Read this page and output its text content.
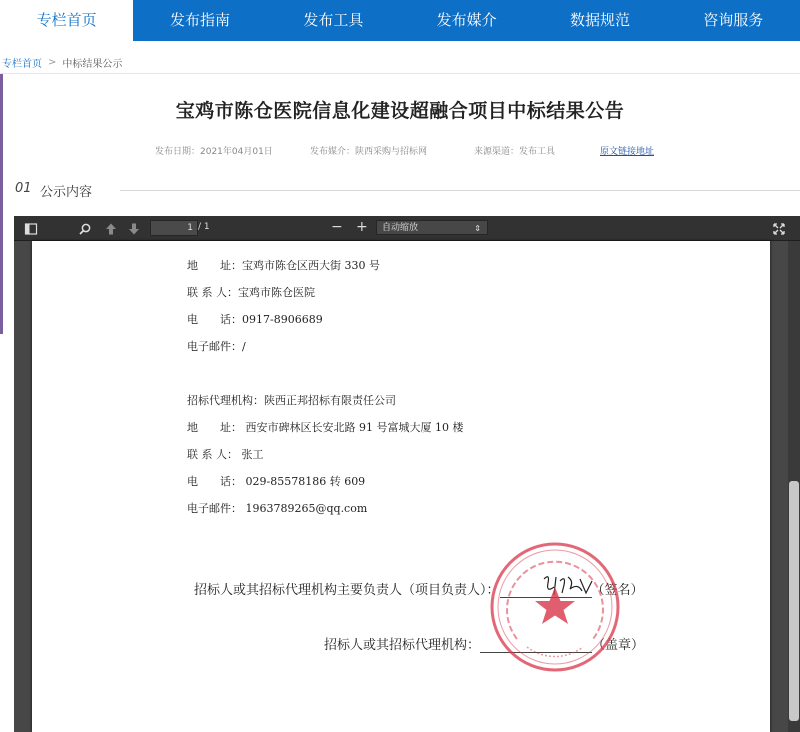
专栏首页	发布指南	发布工具	发布媒介	数据规范	咨询服务
专栏首页 > 中标结果公示
宝鸡市陈仓医院信息化建设超融合项目中标结果公告
发布日期：2021年04月01日	发布媒介：陕西采购与招标网	来源渠道：发布工具	原文链接地址
01 公示内容
1 / 1	− +	自动缩放	⇕
地　　址：宝鸡市陈仓区西大街 330 号
联 系 人：宝鸡市陈仓医院
电　　话：0917-8906689
电子邮件：/
招标代理机构：陕西正邦招标有限责任公司
地　　址： 西安市碑林区长安北路 91 号富城大厦 10 楼
联 系 人： 张工
电　　话： 029-85578186 转 609
电子邮件： 1963789265@qq.com
招标人或其招标代理机构主要负责人（项目负责人）：	（签名）
招标人或其招标代理机构：	（盖章）
